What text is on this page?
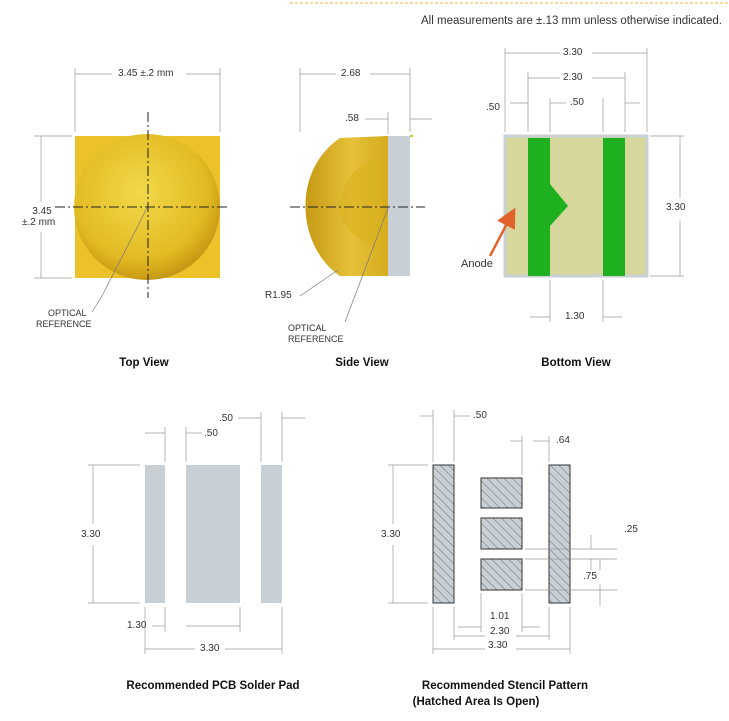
All measurements are ±.13 mm unless otherwise indicated.
3.45 ±.2 mm
3.45
±.2 mm
OPTICAL
REFERENCE
Top View
2.68
.58
R1.95
OPTICAL
REFERENCE
Side View
3.30
2.30
.50	.50
3.30
1.30
Anode
Bottom View
.50
.50
3.30
1.30
3.30
Recommended PCB Solder Pad
.50
.64
3.30	.25
.75
1.01
2.30
3.30
Recommended Stencil Pattern
(Hatched Area Is Open)
